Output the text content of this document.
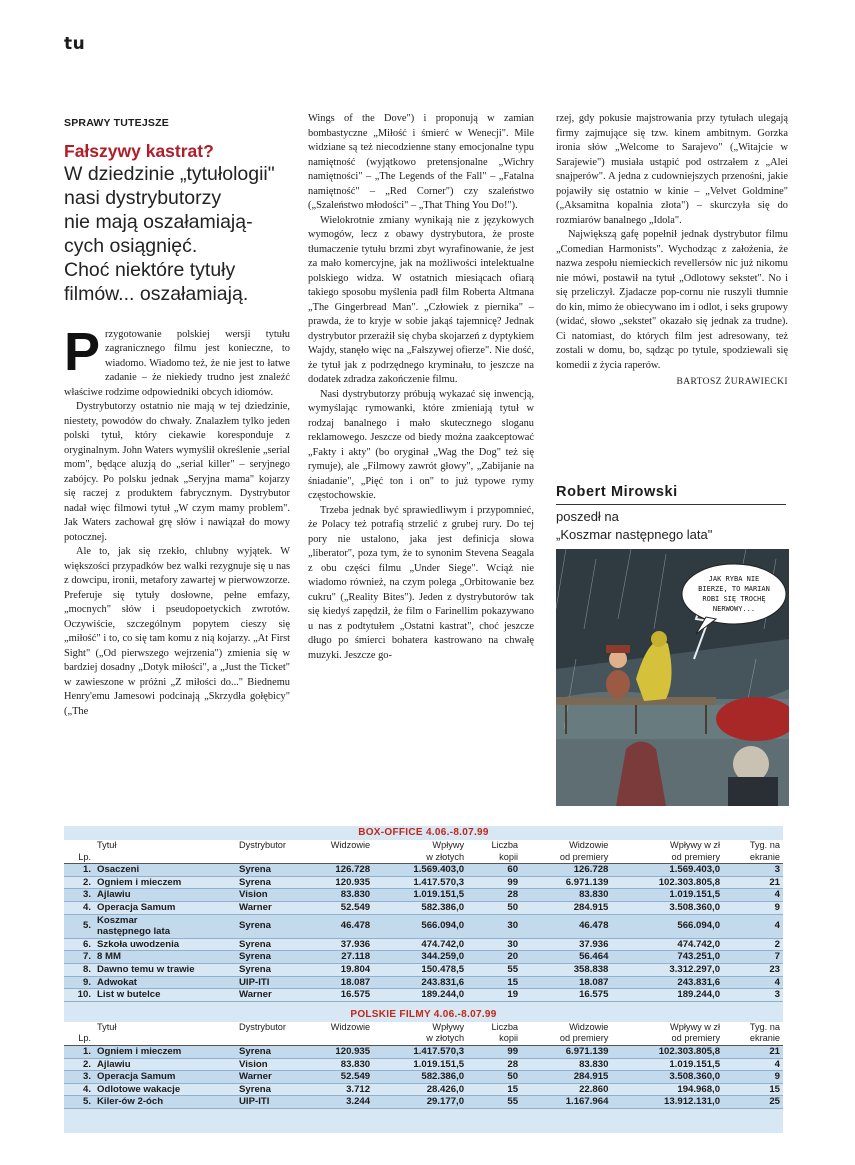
tu
SPRAWY TUTEJSZE
Fałszywy kastrat?
W dziedzinie „tytułologii"
nasi dystrybutorzy
nie mają oszałamiają-
cych osiągnięć.
Choć niektóre tytuły
filmów... oszałamiają.

Przygotowanie polskiej wersji tytułu zagranicznego filmu jest konieczne, to wiadomo. Wiadomo też, że nie jest to łatwe zadanie – że niekiedy trudno jest znaleźć właściwe rodzime odpowiedniki obcych idiomów.

Dystrybutorzy ostatnio nie mają w tej dziedzinie, niestety, powodów do chwały. Znalazłem tylko jeden polski tytuł, który ciekawie koresponduje z oryginalnym. John Waters wymyślił określenie „serial mom", będące aluzją do „serial killer" – seryjnego zabójcy. Po polsku jednak „Seryjna mama" kojarzy się raczej z produktem fabrycznym. Dystrybutor nadał więc filmowi tytuł „W czym mamy problem". Jak Waters zachował grę słów i nawiązał do mowy potocznej.

Ale to, jak się rzekło, chlubny wyjątek. W większości przypadków bez walki rezygnuje się u nas z dowcipu, ironii, metafory zawartej w pierwowzorze. Preferuje się tytuły dosłowne, pełne emfazy, „mocnych" słów i pseudopoetyckich zwrotów. Oczywiście, szczególnym popytem cieszy się „miłość" i to, co się tam komu z nią kojarzy. „At First Sight" („Od pierwszego wejrzenia") zmienia się w bardziej dosadny „Dotyk miłości", a „Just the Ticket" w zawieszone w próżni „Z miłości do..." Biednemu Henry'emu Jamesowi podcinają „Skrzydła gołębicy" („The

Wings of the Dove") i proponują w zamian bombastyczne „Miłość i śmierć w Wenecji". Mile widziane są też niecodzienne stany emocjonalne typu namiętność (wyjątkowo pretensjonalne „Wichry namiętności" – „The Legends of the Fall" – „Fatalna namiętność" – „Red Corner") czy szaleństwo („Szaleństwo młodości" – „That Thing You Do!").

Wielokrotnie zmiany wynikają nie z językowych wymogów, lecz z obawy dystrybutora, że proste tłumaczenie tytułu brzmi zbyt wyrafinowanie, że jest za mało komercyjne, jak na możliwości intelektualne polskiego widza. W ostatnich miesiącach ofiarą takiego sposobu myślenia padł film Roberta Altmana „The Gingerbread Man". „Człowiek z piernika" – prawda, że to kryje w sobie jakąś tajemnicę? Jednak dystrybutor przerażił się chyba skojarzeń z dyptykiem Wajdy, stanęło więc na „Fałszywej ofierze". Nie dość, że tytuł jak z podrzędnego kryminału, to jeszcze na dodatek zdradza zakończenie filmu.

Nasi dystrybutorzy próbują wykazać się inwencją, wymyślając rymowanki, które zmieniają tytuł w rodzaj banalnego i mało skutecznego sloganu reklamowego. Jeszcze od biedy można zaakceptować „Fakty i akty" (bo oryginał „Wag the Dog" też się rymuje), ale „Filmowy zawrót głowy", „Zabijanie na śniadanie", „Pięć ton i on" to już typowe rymy częstochowskie.

Trzeba jednak być sprawiedliwym i przypomnieć, że Polacy też potrafią strzelić z grubej rury. Do tej pory nie ustalono, jaka jest definicja słowa „liberator", poza tym, że to synonim Stevena Seagala z obu części filmu „Under Siege". Wciąż nie wiadomo również, na czym polega „Orbitowanie bez cukru" („Reality Bites"). Jeden z dystrybutorów tak się kiedyś zapędził, że film o Farinellim pokazywano u nas z podtytułem „Ostatni kastrat", choć jeszcze długo po śmierci bohatera kastrowano na chwałę muzyki. Jeszcze go-

rzej, gdy pokusie majstrowania przy tytułach ulegają firmy zajmujące się tzw. kinem ambitnym. Gorzka ironia słów „Welcome to Sarajevo" („Witajcie w Sarajewie") musiała ustąpić pod ostrzałem z „Alei snajperów". A jedna z cudowniejszych przenośni, jakie pojawiły się ostatnio w kinie – „Velvet Goldmine" („Aksamitna kopalnia złota") – skurczyła się do rozmiarów banalnego „Idola".

Największą gafę popełnił jednak dystrybutor filmu „Comedian Harmonists". Wychodząc z założenia, że nazwa zespołu niemieckich revellersów nic już nikomu nie mówi, postawił na tytuł „Odlotowy sekstet". No i się przeliczył. Zjadacze pop-cornu nie ruszyli tłumnie do kin, mimo że obiecywano im i odlot, i seks grupowy (widać, słowo „sekstet" okazało się jednak za trudne). Ci natomiast, do których film jest adresowany, też zostali w domu, bo, sądząc po tytule, spodziewali się komedii z życia raperów.

BARTOSZ ŻURAWIECKI
Robert Mirowski
poszedł na
„Koszmar następnego lata"
JAK RYBA NIE
BIERZE, TO MARIAN
ROBI SIĘ TROCHĘ
NERWOWY...
BOX-OFFICE 4.06.-8.07.99								
	Tytuł	Dystrybutor	Widzowie	Wpływy	Liczba	Widzowie	Wpływy w zł	Tyg. na
Lp.				w złotych	kopii	od premiery	od premiery	ekranie
1.	Osaczeni	Syrena	126.728	1.569.403,0	60	126.728	1.569.403,0	3
2.	Ogniem i mieczem	Syrena	120.935	1.417.570,3	99	6.971.139	102.303.805,8	21
3.	Ajlawiu	Vision	83.830	1.019.151,5	28	83.830	1.019.151,5	4
4.	Operacja Samum	Warner	52.549	582.386,0	50	284.915	3.508.360,0	9
5.	Koszmar
następnego lata	Syrena	46.478	566.094,0	30	46.478	566.094,0	4
6.	Szkoła uwodzenia	Syrena	37.936	474.742,0	30	37.936	474.742,0	2
7.	8 MM	Syrena	27.118	344.259,0	20	56.464	743.251,0	7
8.	Dawno temu w trawie	Syrena	19.804	150.478,5	55	358.838	3.312.297,0	23
9.	Adwokat	UIP-ITI	18.087	243.831,6	15	18.087	243.831,6	4
10.	List w butelce	Warner	16.575	189.244,0	19	16.575	189.244,0	3
POLSKIE FILMY 4.06.-8.07.99								
	Tytuł	Dystrybutor	Widzowie	Wpływy	Liczba	Widzowie	Wpływy w zł	Tyg. na
Lp.				w złotych	kopii	od premiery	od premiery	ekranie
1.	Ogniem i mieczem	Syrena	120.935	1.417.570,3	99	6.971.139	102.303.805,8	21
2.	Ajlawiu	Vision	83.830	1.019.151,5	28	83.830	1.019.151,5	4
3.	Operacja Samum	Warner	52.549	582.386,0	50	284.915	3.508.360,0	9
4.	Odlotowe wakacje	Syrena	3.712	28.426,0	15	22.860	194.968,0	15
5.	Kiler-ów 2-óch	UIP-ITI	3.244	29.177,0	55	1.167.964	13.912.131,0	25
